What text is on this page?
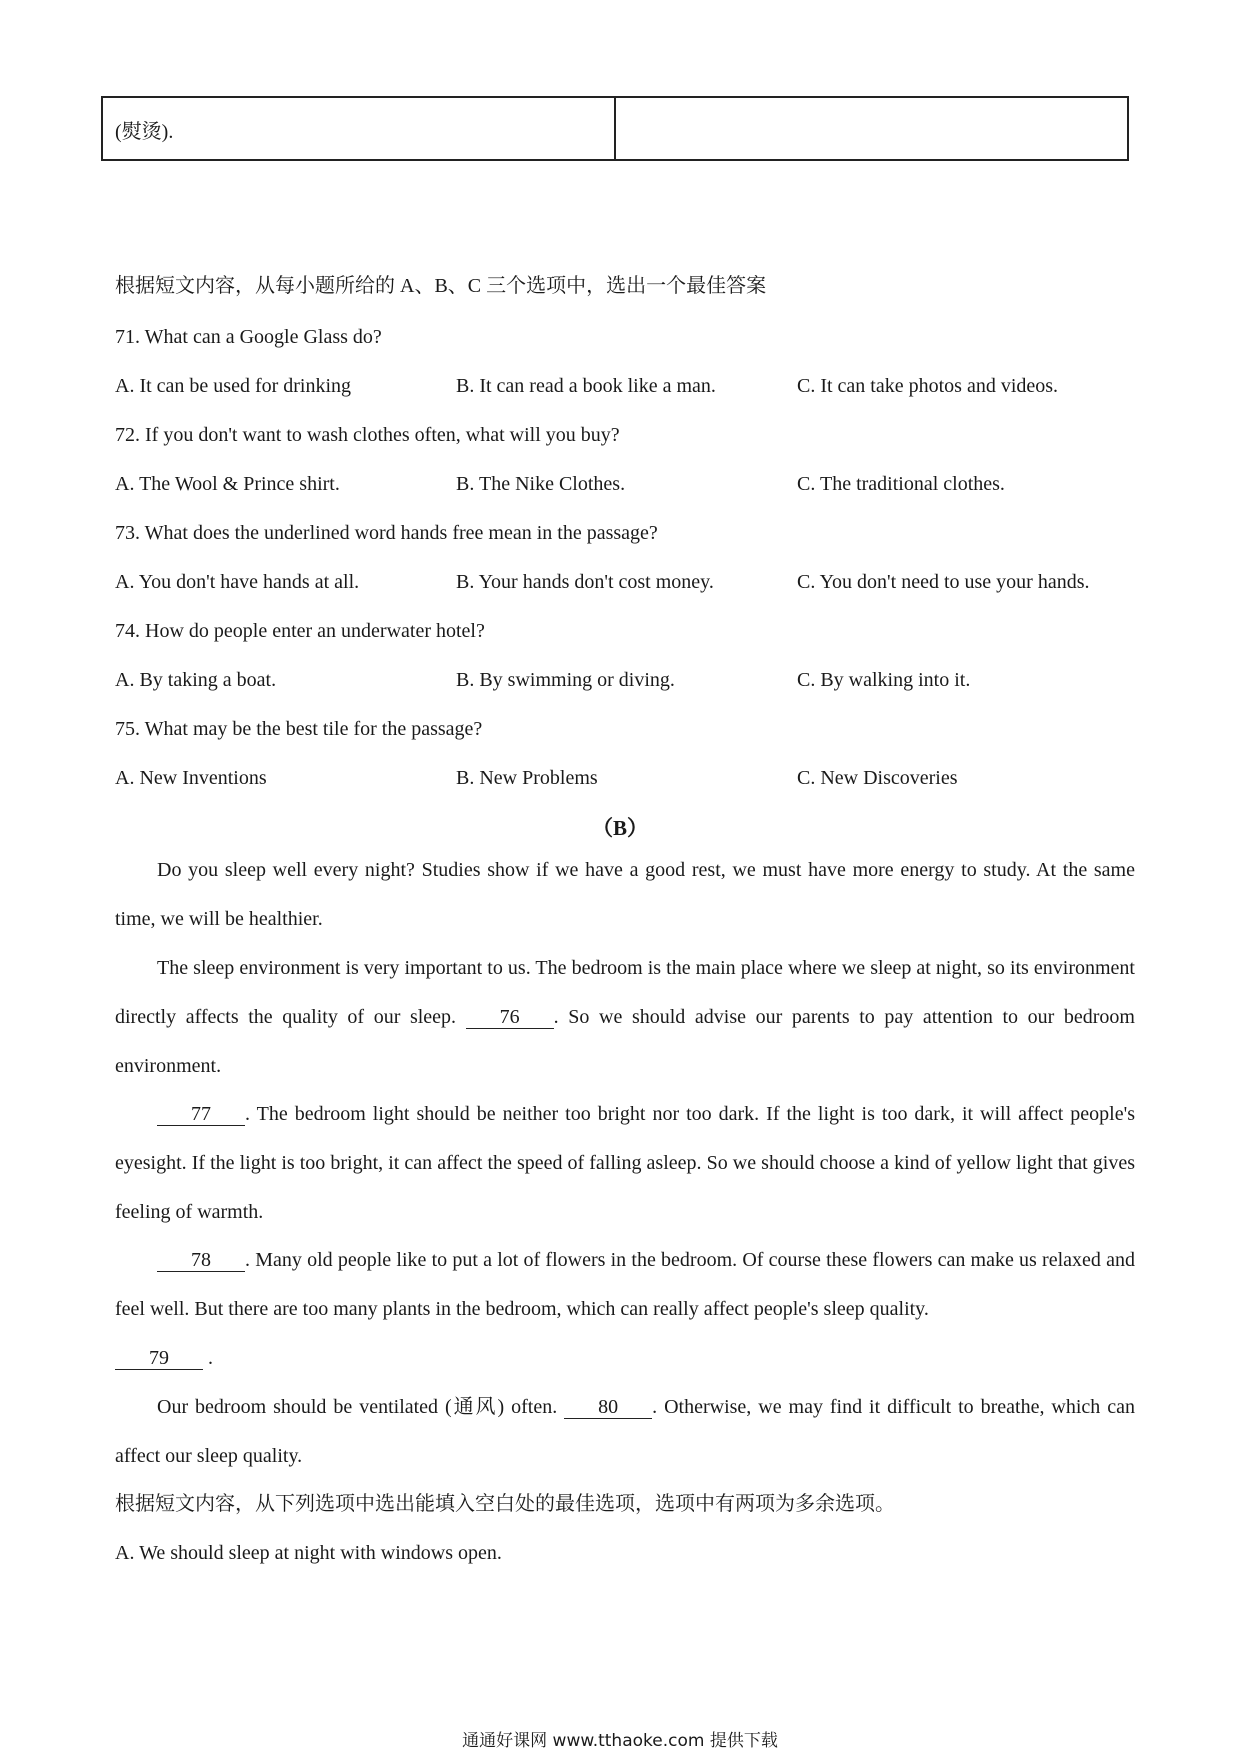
(熨烫).
根据短文内容，从每小题所给的 A、B、C 三个选项中，选出一个最佳答案
71. What can a Google Glass do?
A. It can be used for drinking	B. It can read a book like a man.	C. It can take photos and videos.
72. If you don't want to wash clothes often, what will you buy?
A. The Wool & Prince shirt.	B. The Nike Clothes.	C. The traditional clothes.
73. What does the underlined word hands free mean in the passage?
A. You don't have hands at all.	B. Your hands don't cost money.	C. You don't need to use your hands.
74. How do people enter an underwater hotel?
A. By taking a boat.	B. By swimming or diving.	C. By walking into it.
75. What may be the best tile for the passage?
A. New Inventions	B. New Problems	C. New Discoveries
（B）
Do you sleep well every night? Studies show if we have a good rest, we must have more energy to study. At the same time, we will be healthier.
The sleep environment is very important to us. The bedroom is the main place where we sleep at night, so its environment directly affects the quality of our sleep. 76 . So we should advise our parents to pay attention to our bedroom environment.
77 . The bedroom light should be neither too bright nor too dark. If the light is too dark, it will affect people's eyesight. If the light is too bright, it can affect the speed of falling asleep. So we should choose a kind of yellow light that gives feeling of warmth.
78 . Many old people like to put a lot of flowers in the bedroom. Of course these flowers can make us relaxed and feel well. But there are too many plants in the bedroom, which can really affect people's sleep quality.
79 .
Our bedroom should be ventilated (通风) often. 80 . Otherwise, we may find it difficult to breathe, which can affect our sleep quality.
根据短文内容，从下列选项中选出能填入空白处的最佳选项，选项中有两项为多余选项。
A. We should sleep at night with windows open.
通通好课网 www.tthaoke.com 提供下载
